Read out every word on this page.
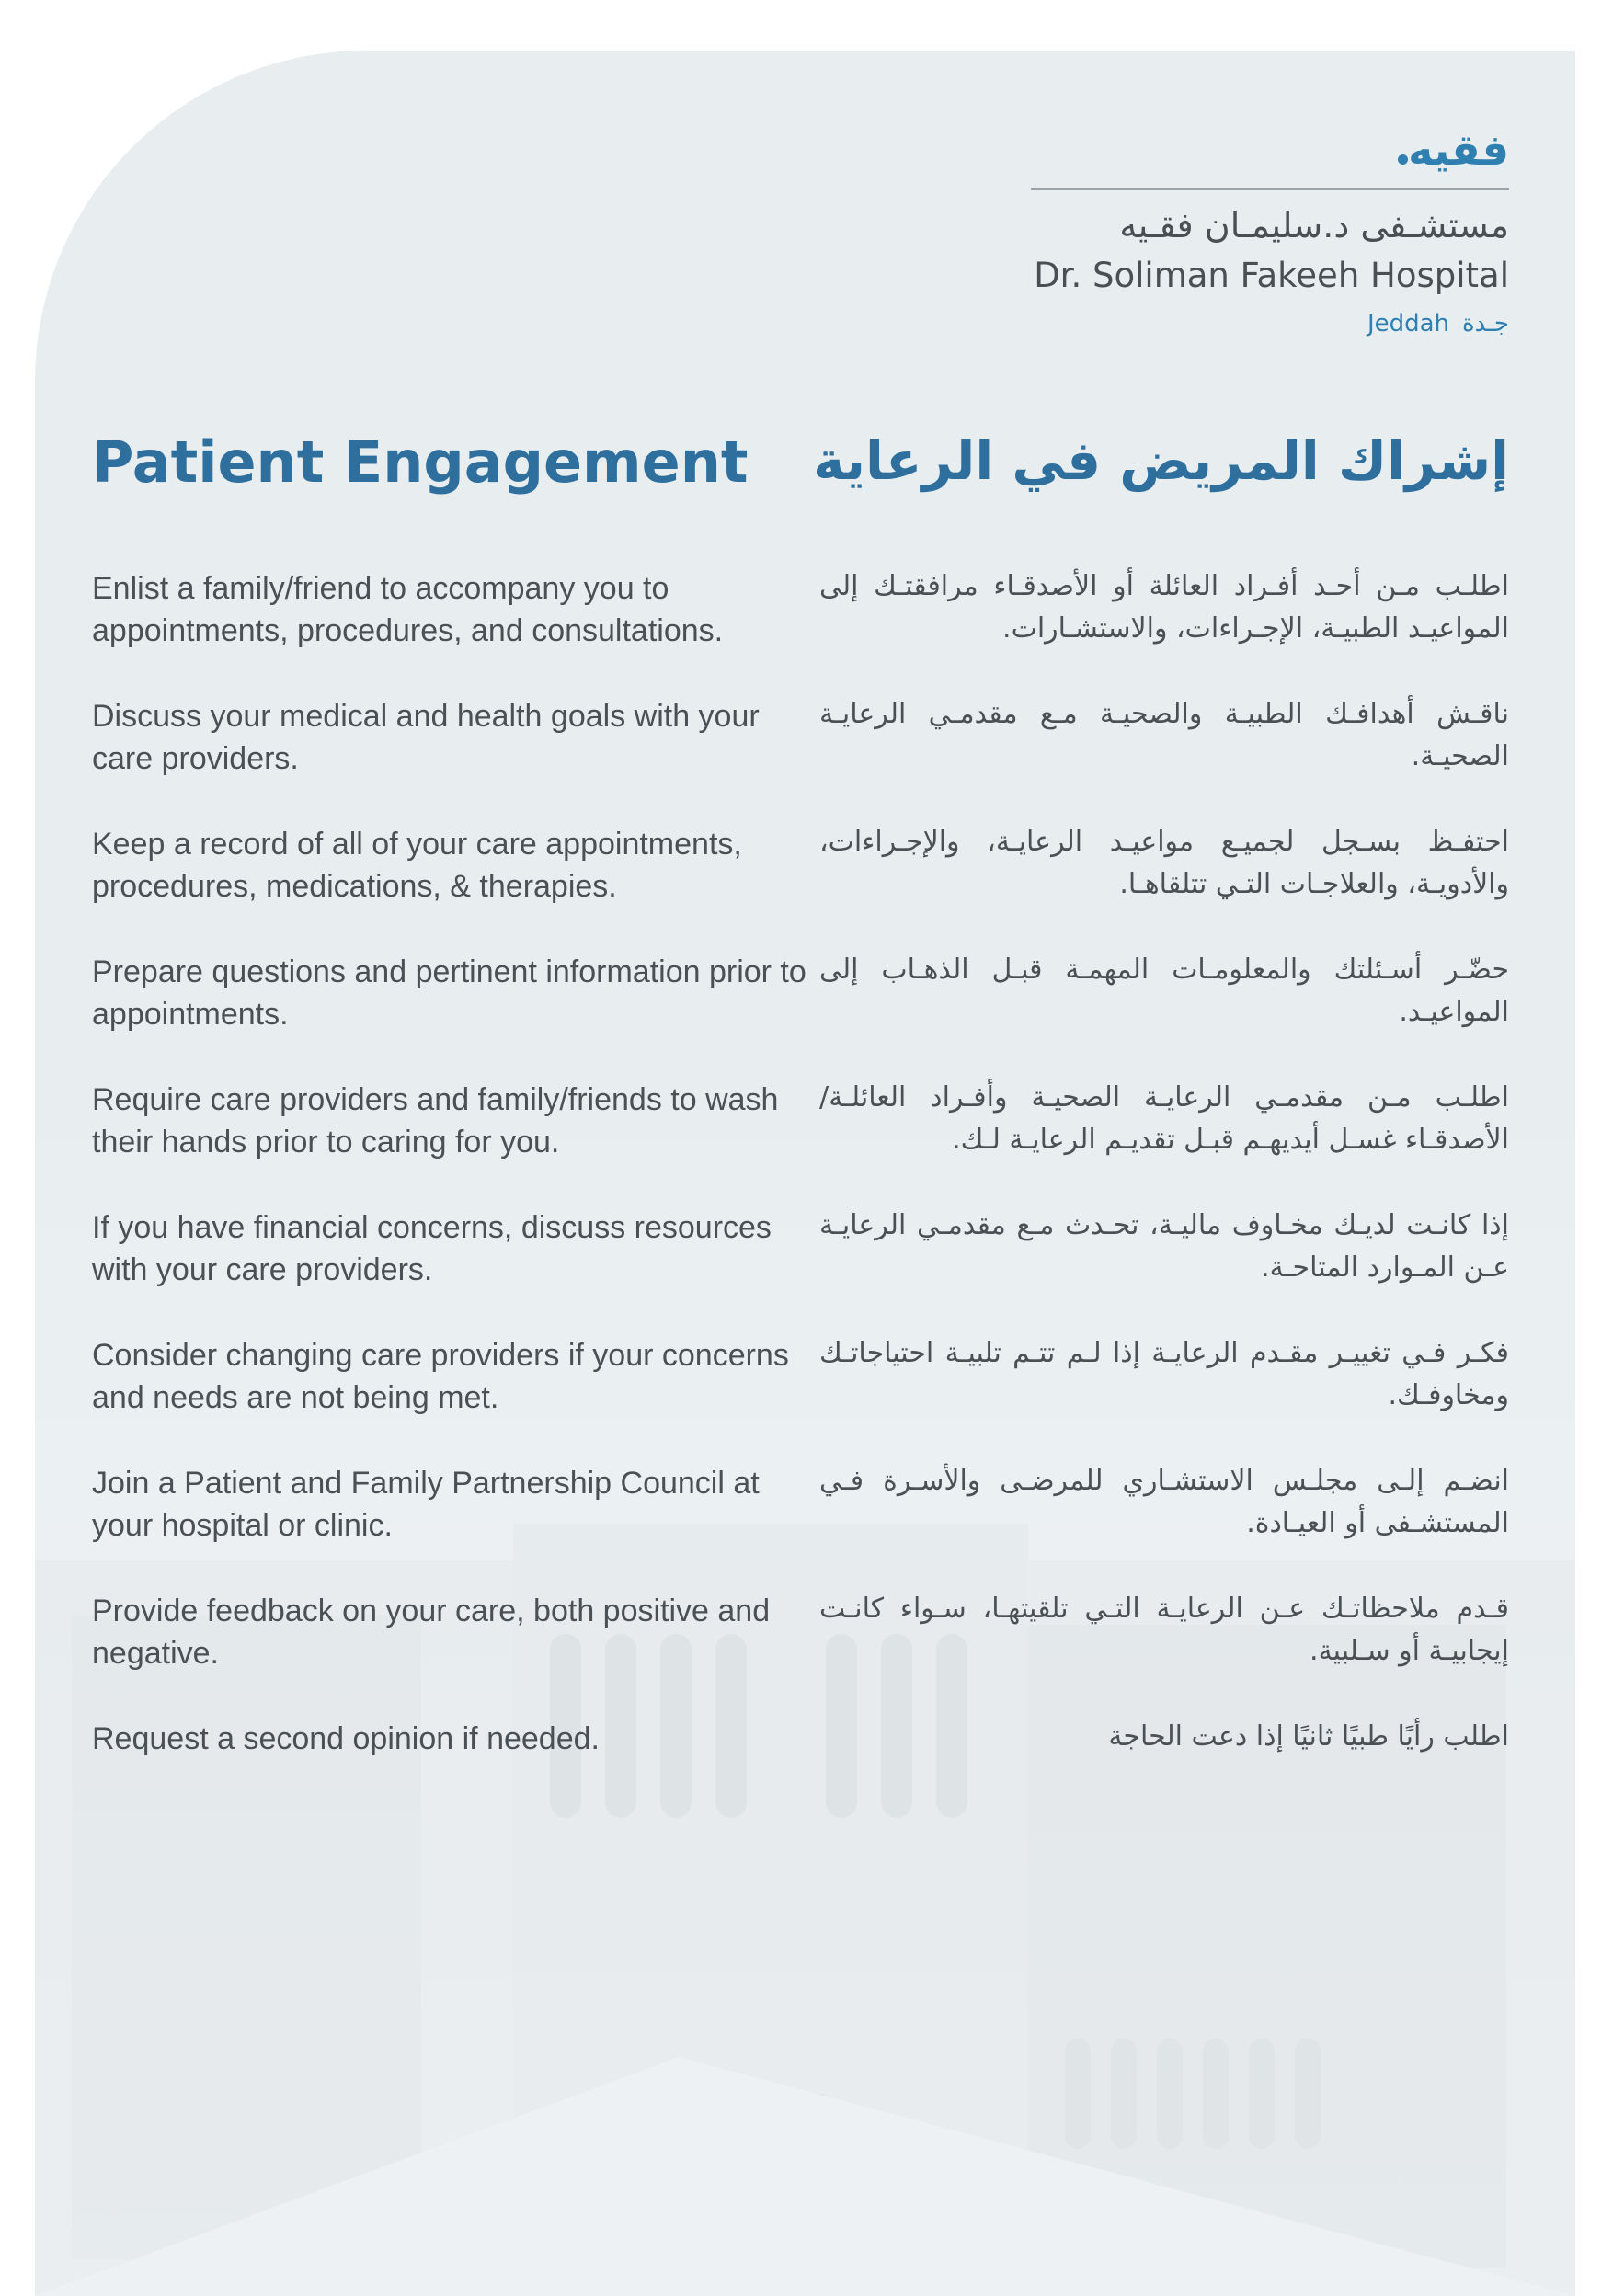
فقيه
مستشـفى د.سليمـان فقـيه
Dr. Soliman Fakeeh Hospital
Jeddah جـدة
Patient Engagement	إشراك المريض في الرعاية
Enlist a family/friend to accompany you to appointments, procedures, and consultations.
Discuss your medical and health goals with your care providers.
Keep a record of all of your care appointments, procedures, medications, & therapies.
Prepare questions and pertinent information prior to appointments.
Require care providers and family/friends to wash their hands prior to caring for you.
If you have financial concerns, discuss resources with your care providers.
Consider changing care providers if your concerns and needs are not being met.
Join a Patient and Family Partnership Council at your hospital or clinic.
Provide feedback on your care, both positive and negative.
Request a second opinion if needed.
اطلـب مـن أحـد أفـراد العائلة أو الأصدقـاء مرافقتـك إلى المواعيـد الطبيـة، الإجـراءات، والاستشـارات.
ناقـش أهدافـك الطبيـة والصحيـة مـع مقدمـي الرعايـة الصحيـة.
احتفـظ بسـجل لجميـع مواعيـد الرعايـة، والإجـراءات، والأدويـة، والعلاجـات التـي تتلقاهـا.
حضّـر أسـئلتك والمعلومـات المهمـة قبـل الذهـاب إلى المواعيـد.
اطلـب مـن مقدمـي الرعايـة الصحيـة وأفـراد العائلـة/ الأصدقـاء غسـل أيديهـم قبـل تقديـم الرعايـة لـك.
إذا كانـت لديـك مخـاوف ماليـة، تحـدث مـع مقدمـي الرعايـة عـن المـوارد المتاحـة.
فكـر فـي تغييـر مقـدم الرعايـة إذا لـم تتـم تلبيـة احتياجاتـك ومخاوفـك.
انضـم إلـى مجلـس الاستشـاري للمرضـى والأسـرة فـي المستشـفى أو العيـادة.
قـدم ملاحظاتـك عـن الرعايـة التـي تلقيتهـا، سـواء كانـت إيجابيـة أو سـلبية.
اطلب رأيًا طبيًا ثانيًا إذا دعت الحاجة
